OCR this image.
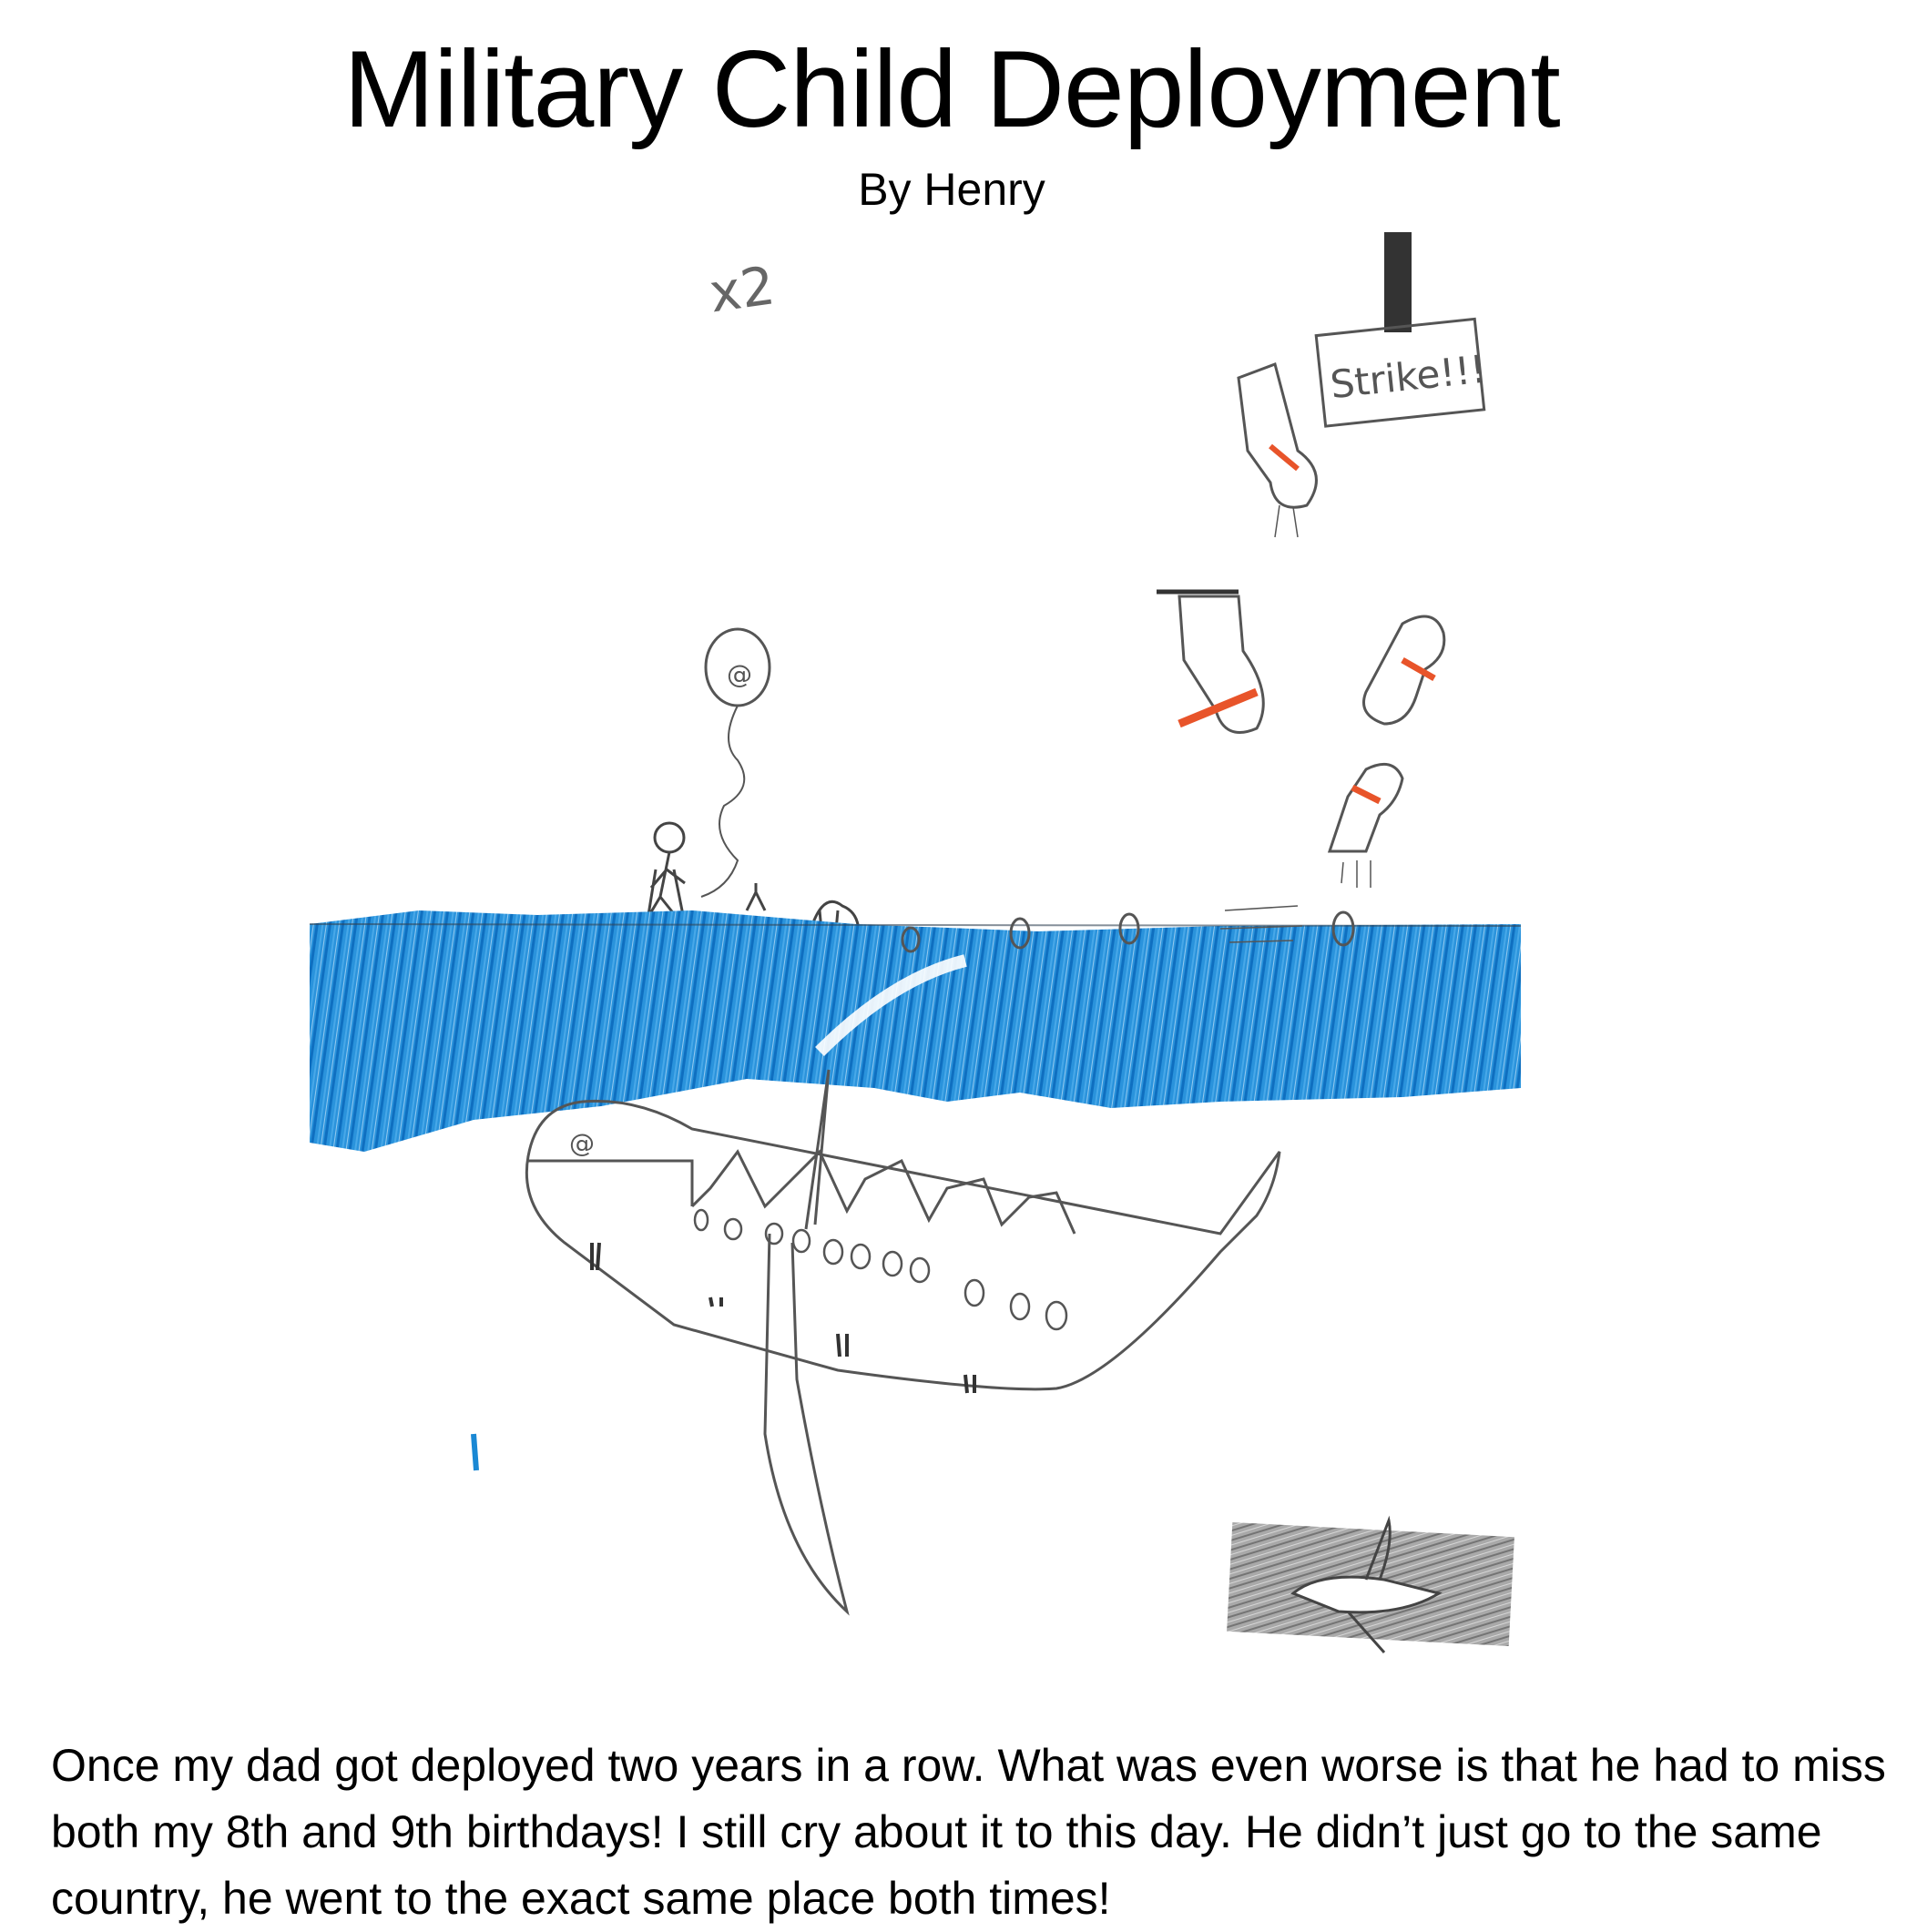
Military Child Deployment
By Henry
x2
Strike!!!
@
@
Once my dad got deployed two years in a row. What was even worse is that he had to miss both my 8th and 9th birthdays! I still cry about it to this day. He didn’t just go to the same country, he went to the exact same place both times!
